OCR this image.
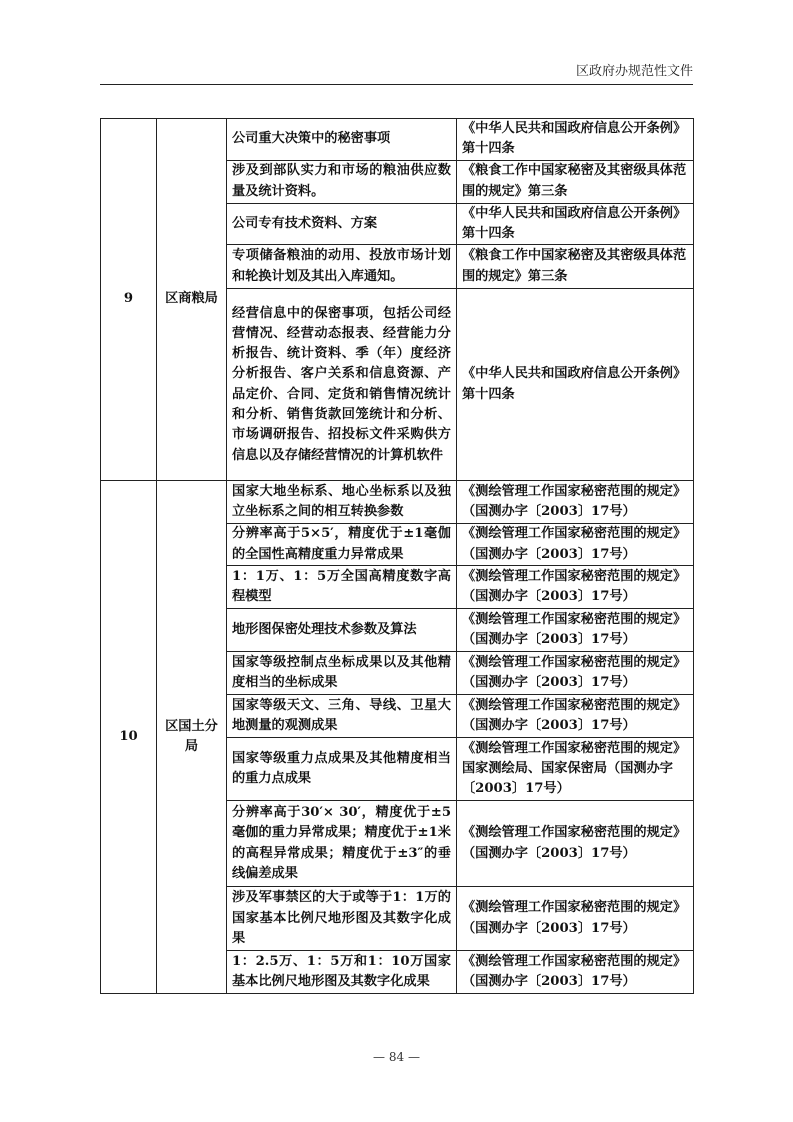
区政府办规范性文件
9	区商粮局	公司重大决策中的秘密事项	《中华人民共和国政府信息公开条例》第十四条
		涉及到部队实力和市场的粮油供应数量及统计资料。	《粮食工作中国家秘密及其密级具体范围的规定》第三条
		公司专有技术资料、方案	《中华人民共和国政府信息公开条例》第十四条
		专项储备粮油的动用、投放市场计划和轮换计划及其出入库通知。	《粮食工作中国家秘密及其密级具体范围的规定》第三条
		经营信息中的保密事项，包括公司经营情况、经营动态报表、经营能力分析报告、统计资料、季（年）度经济分析报告、客户关系和信息资源、产品定价、合同、定货和销售情况统计和分析、销售货款回笼统计和分析、市场调研报告、招投标文件采购供方信息以及存储经营情况的计算机软件	《中华人民共和国政府信息公开条例》第十四条
10	区国土分局	国家大地坐标系、地心坐标系以及独立坐标系之间的相互转换参数	《测绘管理工作国家秘密范围的规定》（国测办字〔2003〕17号）
		分辨率高于5×5′，精度优于±1毫伽的全国性高精度重力异常成果	《测绘管理工作国家秘密范围的规定》（国测办字〔2003〕17号）
		1：1万、1：5万全国高精度数字高程模型	《测绘管理工作国家秘密范围的规定》（国测办字〔2003〕17号）
		地形图保密处理技术参数及算法	《测绘管理工作国家秘密范围的规定》（国测办字〔2003〕17号）
		国家等级控制点坐标成果以及其他精度相当的坐标成果	《测绘管理工作国家秘密范围的规定》（国测办字〔2003〕17号）
		国家等级天文、三角、导线、卫星大地测量的观测成果	《测绘管理工作国家秘密范围的规定》（国测办字〔2003〕17号）
		国家等级重力点成果及其他精度相当的重力点成果	《测绘管理工作国家秘密范围的规定》国家测绘局、国家保密局（国测办字〔2003〕17号）
		分辨率高于30′× 30′，精度优于±5毫伽的重力异常成果；精度优于±1米的高程异常成果；精度优于±3″的垂线偏差成果	《测绘管理工作国家秘密范围的规定》（国测办字〔2003〕17号）
		涉及军事禁区的大于或等于1：1万的国家基本比例尺地形图及其数字化成果	《测绘管理工作国家秘密范围的规定》（国测办字〔2003〕17号）
		1：2.5万、1：5万和1：10万国家基本比例尺地形图及其数字化成果	《测绘管理工作国家秘密范围的规定》（国测办字〔2003〕17号）
— 84 —
